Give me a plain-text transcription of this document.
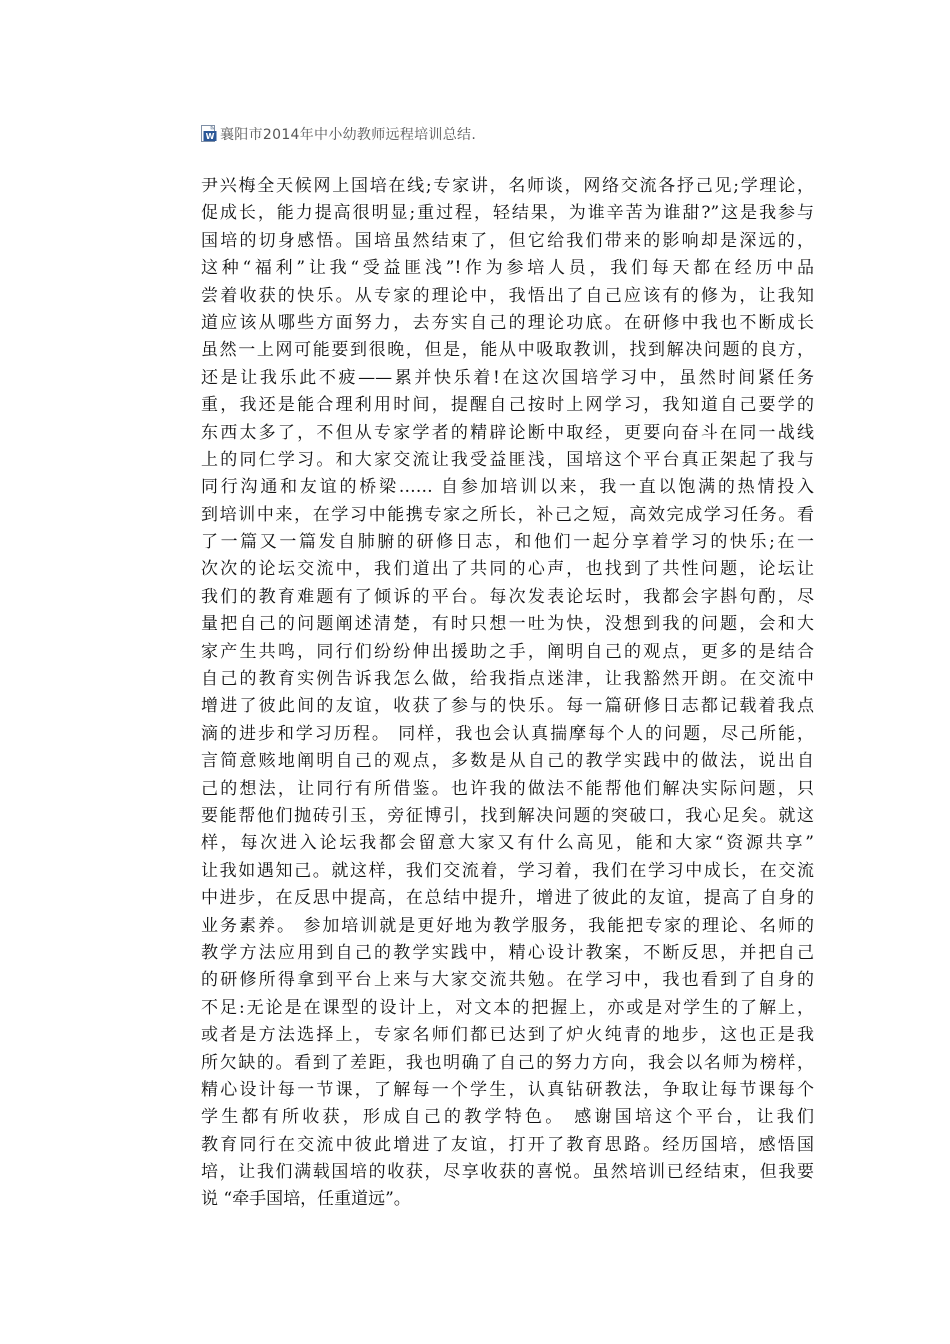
W 襄阳市2014年中小幼教师远程培训总结.
尹兴梅全天候网上国培在线;专家讲，名师谈，网络交流各抒己见;学理论，
促成长，能力提高很明显;重过程，轻结果，为谁辛苦为谁甜?”这是我参与
国培的切身感悟。国培虽然结束了，但它给我们带来的影响却是深远的，
这种“福利”让我“受益匪浅”!作为参培人员，我们每天都在经历中品
尝着收获的快乐。从专家的理论中，我悟出了自己应该有的修为，让我知
道应该从哪些方面努力，去夯实自己的理论功底。在研修中我也不断成长
虽然一上网可能要到很晚，但是，能从中吸取教训，找到解决问题的良方，
还是让我乐此不疲——累并快乐着!在这次国培学习中，虽然时间紧任务
重，我还是能合理利用时间，提醒自己按时上网学习，我知道自己要学的
东西太多了，不但从专家学者的精辟论断中取经，更要向奋斗在同一战线
上的同仁学习。和大家交流让我受益匪浅，国培这个平台真正架起了我与
同行沟通和友谊的桥梁…… 自参加培训以来，我一直以饱满的热情投入
到培训中来，在学习中能携专家之所长，补己之短，高效完成学习任务。看
了一篇又一篇发自肺腑的研修日志，和他们一起分享着学习的快乐;在一
次次的论坛交流中，我们道出了共同的心声，也找到了共性问题，论坛让
我们的教育难题有了倾诉的平台。每次发表论坛时，我都会字斟句酌，尽
量把自己的问题阐述清楚，有时只想一吐为快，没想到我的问题，会和大
家产生共鸣，同行们纷纷伸出援助之手，阐明自己的观点，更多的是结合
自己的教育实例告诉我怎么做，给我指点迷津，让我豁然开朗。在交流中
增进了彼此间的友谊，收获了参与的快乐。每一篇研修日志都记载着我点
滴的进步和学习历程。 同样，我也会认真揣摩每个人的问题，尽己所能，
言简意赅地阐明自己的观点，多数是从自己的教学实践中的做法，说出自
己的想法，让同行有所借鉴。也许我的做法不能帮他们解决实际问题，只
要能帮他们抛砖引玉，旁征博引，找到解决问题的突破口，我心足矣。就这
样，每次进入论坛我都会留意大家又有什么高见，能和大家“资源共享”
让我如遇知己。就这样，我们交流着，学习着，我们在学习中成长，在交流
中进步，在反思中提高，在总结中提升，增进了彼此的友谊，提高了自身的
业务素养。 参加培训就是更好地为教学服务，我能把专家的理论、名师的
教学方法应用到自己的教学实践中，精心设计教案，不断反思，并把自己
的研修所得拿到平台上来与大家交流共勉。在学习中，我也看到了自身的
不足:无论是在课型的设计上，对文本的把握上，亦或是对学生的了解上，
或者是方法选择上，专家名师们都已达到了炉火纯青的地步，这也正是我
所欠缺的。看到了差距，我也明确了自己的努力方向，我会以名师为榜样，
精心设计每一节课，了解每一个学生，认真钻研教法，争取让每节课每个
学生都有所收获，形成自己的教学特色。 感谢国培这个平台，让我们
教育同行在交流中彼此增进了友谊，打开了教育思路。经历国培，感悟国
培，让我们满载国培的收获，尽享收获的喜悦。虽然培训已经结束，但我要
说 “牵手国培，任重道远”。
